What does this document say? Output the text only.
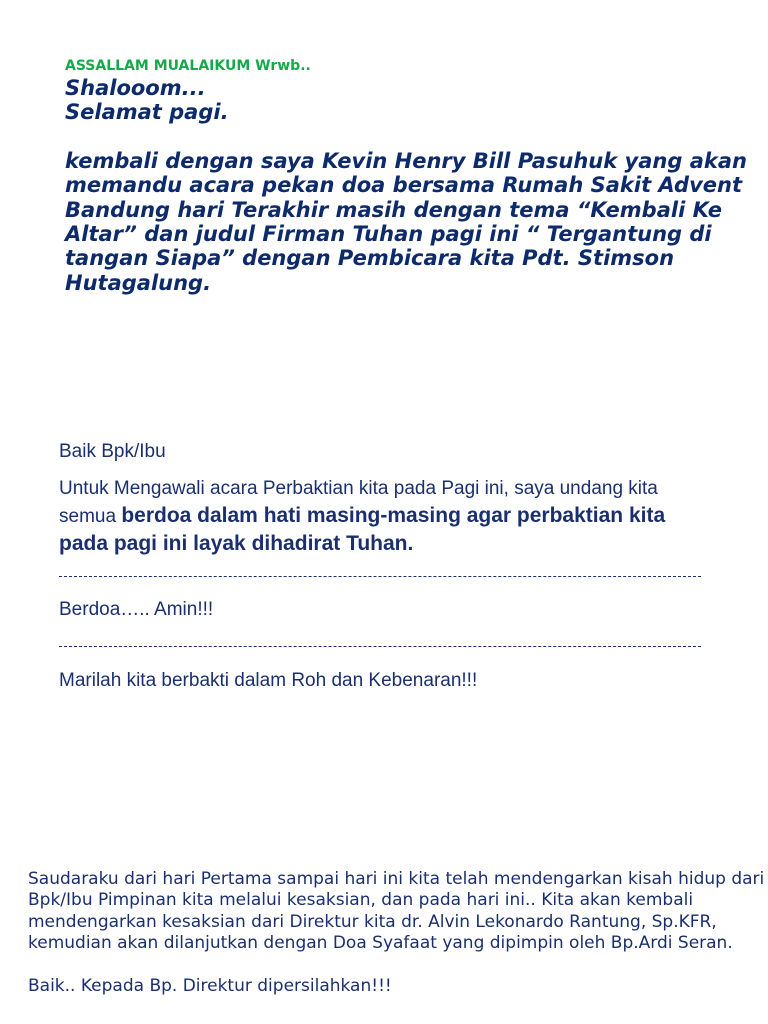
ASSALLAM MUALAIKUM Wrwb..

Shalooom...

Selamat pagi.

kembali dengan saya Kevin Henry Bill Pasuhuk yang akan memandu acara pekan doa bersama Rumah Sakit Advent Bandung hari Terakhir masih dengan tema “Kembali Ke Altar” dan judul Firman Tuhan pagi ini “ Tergantung di tangan Siapa” dengan Pembicara kita Pdt. Stimson Hutagalung.

Baik Bpk/Ibu
Untuk Mengawali acara Perbaktian kita pada Pagi ini, saya undang kita semua berdoa dalam hati masing-masing agar perbaktian kita pada pagi ini layak dihadirat Tuhan.
Berdoa….. Amin!!!
Marilah kita berbakti dalam Roh dan Kebenaran!!!

Saudaraku dari hari Pertama sampai hari ini kita telah mendengarkan kisah hidup dari Bpk/Ibu Pimpinan kita melalui kesaksian, dan pada hari ini.. Kita akan kembali mendengarkan kesaksian dari Direktur kita dr. Alvin Lekonardo Rantung, Sp.KFR, kemudian akan dilanjutkan dengan Doa Syafaat yang dipimpin oleh Bp.Ardi Seran.

Baik.. Kepada Bp. Direktur dipersilahkan!!!
